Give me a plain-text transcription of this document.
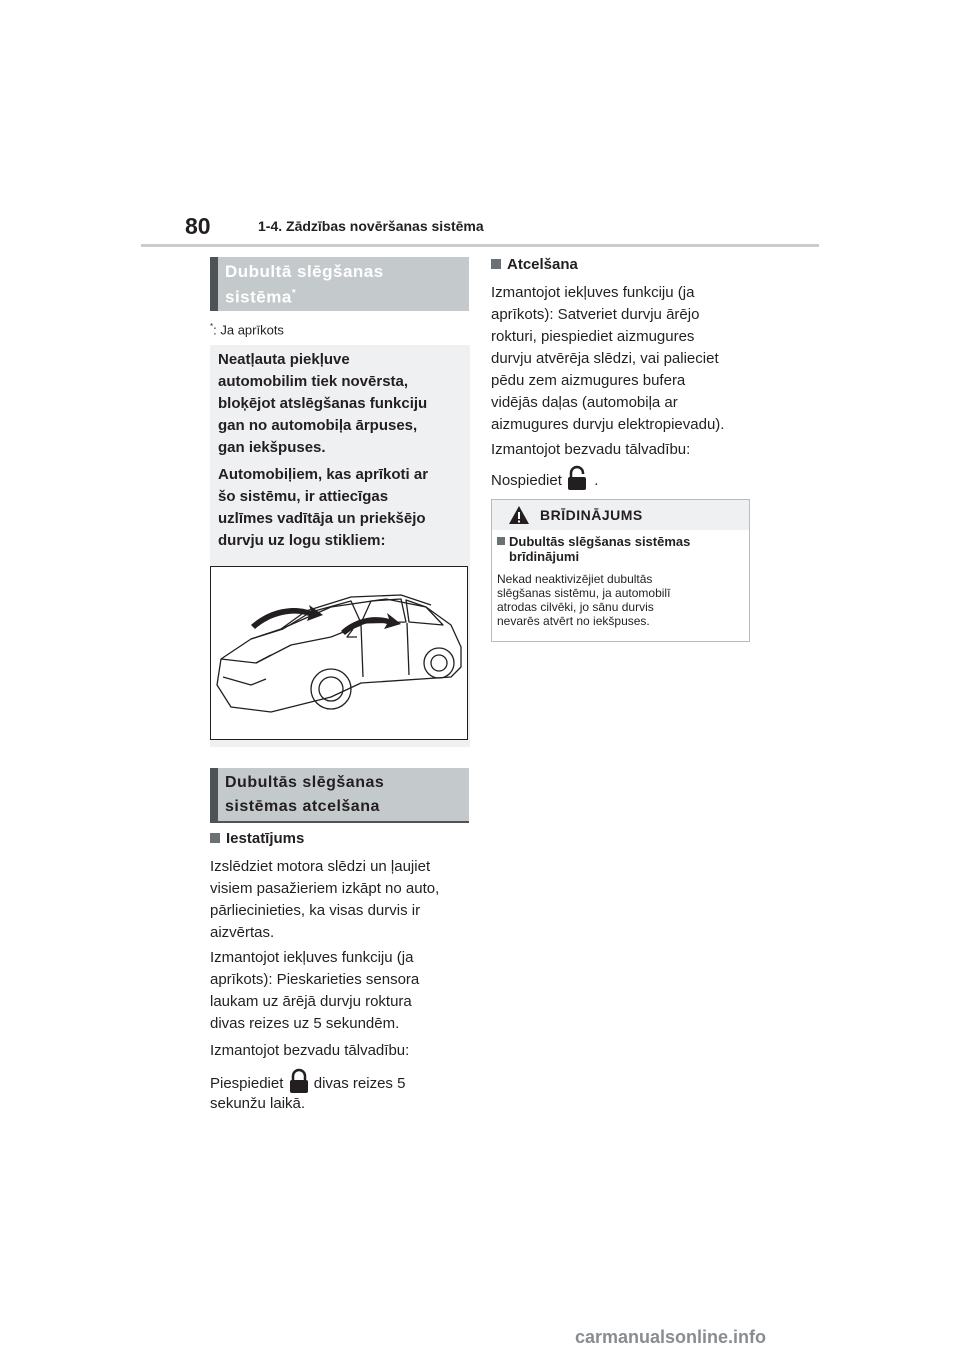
80	1-4. Zādzības novēršanas sistēma
Dubultā slēgšanas
sistēma*
*: Ja aprīkots
Neatļauta piekļuve
automobilim tiek novērsta,
bloķējot atslēgšanas funkciju
gan no automobiļa ārpuses,
gan iekšpuses.
Automobiļiem, kas aprīkoti ar
šo sistēmu, ir attiecīgas
uzlīmes vadītāja un priekšējo
durvju uz logu stikliem:
Dubultās slēgšanas
sistēmas atcelšana
Iestatījums
Izslēdziet motora slēdzi un ļaujiet
visiem pasažieriem izkāpt no auto,
pārliecinieties, ka visas durvis ir
aizvērtas.
Izmantojot iekļuves funkciju (ja
aprīkots): Pieskarieties sensora
laukam uz ārējā durvju roktura
divas reizes uz 5 sekundēm.
Izmantojot bezvadu tālvadību:
Piespiediet divas reizes 5
sekunžu laikā.
Atcelšana
Izmantojot iekļuves funkciju (ja
aprīkots): Satveriet durvju ārējo
rokturi, piespiediet aizmugures
durvju atvērēja slēdzi, vai palieciet
pēdu zem aizmugures bufera
vidējās daļas (automobiļa ar
aizmugures durvju elektropievadu).
Izmantojot bezvadu tālvadību:
Nospiediet .
BRĪDINĀJUMS
Dubultās slēgšanas sistēmas
brīdinājumi
Nekad neaktivizējiet dubultās
slēgšanas sistēmu, ja automobilī
atrodas cilvēki, jo sānu durvis
nevarēs atvērt no iekšpuses.
carmanualsonline.info
